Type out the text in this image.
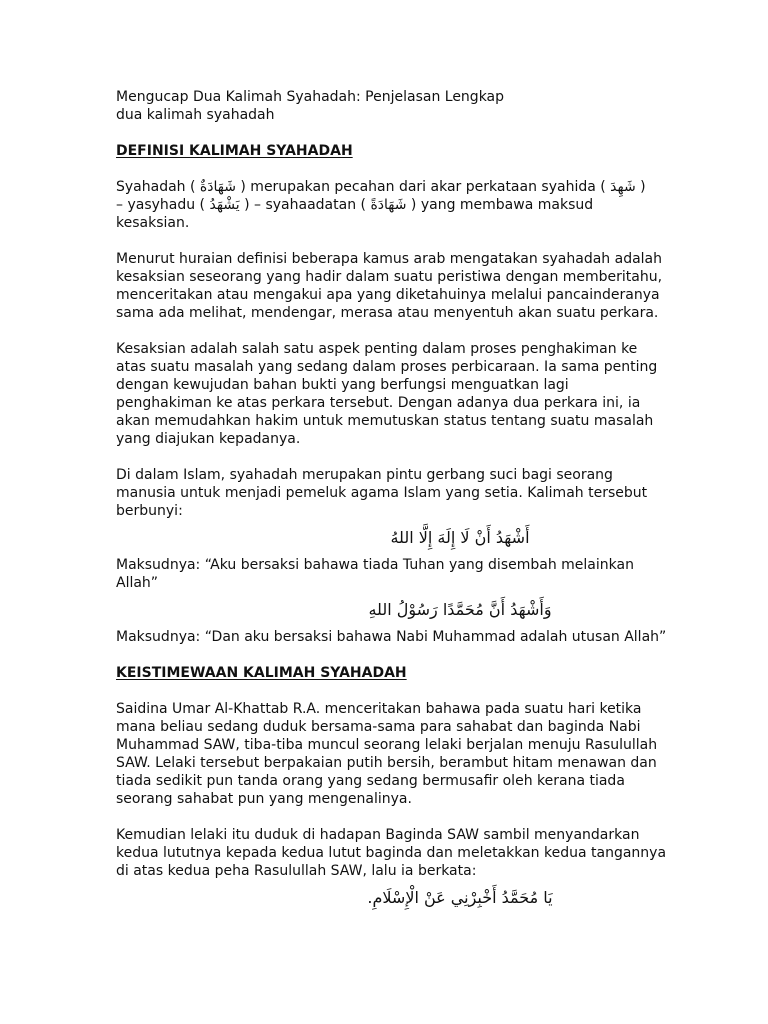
Mengucap Dua Kalimah Syahadah: Penjelasan Lengkap
dua kalimah syahadah
DEFINISI KALIMAH SYAHADAH
Syahadah ( شَهَادَةٌ ) merupakan pecahan dari akar perkataan syahida ( شَهِدَ )
– yasyhadu ( يَشْهَدُ ) – syahaadatan ( شَهَادَةً ) yang membawa maksud
kesaksian.
Menurut huraian definisi beberapa kamus arab mengatakan syahadah adalah
kesaksian seseorang yang hadir dalam suatu peristiwa dengan memberitahu,
menceritakan atau mengakui apa yang diketahuinya melalui pancainderanya
sama ada melihat, mendengar, merasa atau menyentuh akan suatu perkara.
Kesaksian adalah salah satu aspek penting dalam proses penghakiman ke
atas suatu masalah yang sedang dalam proses perbicaraan. Ia sama penting
dengan kewujudan bahan bukti yang berfungsi menguatkan lagi
penghakiman ke atas perkara tersebut. Dengan adanya dua perkara ini, ia
akan memudahkan hakim untuk memutuskan status tentang suatu masalah
yang diajukan kepadanya.
Di dalam Islam, syahadah merupakan pintu gerbang suci bagi seorang
manusia untuk menjadi pemeluk agama Islam yang setia. Kalimah tersebut
berbunyi:
أَشْهَدُ أَنْ لَا إِلَهَ إِلَّا اللهُ
Maksudnya: “Aku bersaksi bahawa tiada Tuhan yang disembah melainkan
Allah”
وَأَشْهَدُ أَنَّ مُحَمَّدًا رَسُوْلُ اللهِ
Maksudnya: “Dan aku bersaksi bahawa Nabi Muhammad adalah utusan Allah”
KEISTIMEWAAN KALIMAH SYAHADAH
Saidina Umar Al-Khattab R.A. menceritakan bahawa pada suatu hari ketika
mana beliau sedang duduk bersama-sama para sahabat dan baginda Nabi
Muhammad SAW, tiba-tiba muncul seorang lelaki berjalan menuju Rasulullah
SAW. Lelaki tersebut berpakaian putih bersih, berambut hitam menawan dan
tiada sedikit pun tanda orang yang sedang bermusafir oleh kerana tiada
seorang sahabat pun yang mengenalinya.
Kemudian lelaki itu duduk di hadapan Baginda SAW sambil menyandarkan
kedua lututnya kepada kedua lutut baginda dan meletakkan kedua tangannya
di atas kedua peha Rasulullah SAW, lalu ia berkata:
يَا مُحَمَّدُ أَخْبِرْنِي عَنْ الْإِسْلَامِ.
